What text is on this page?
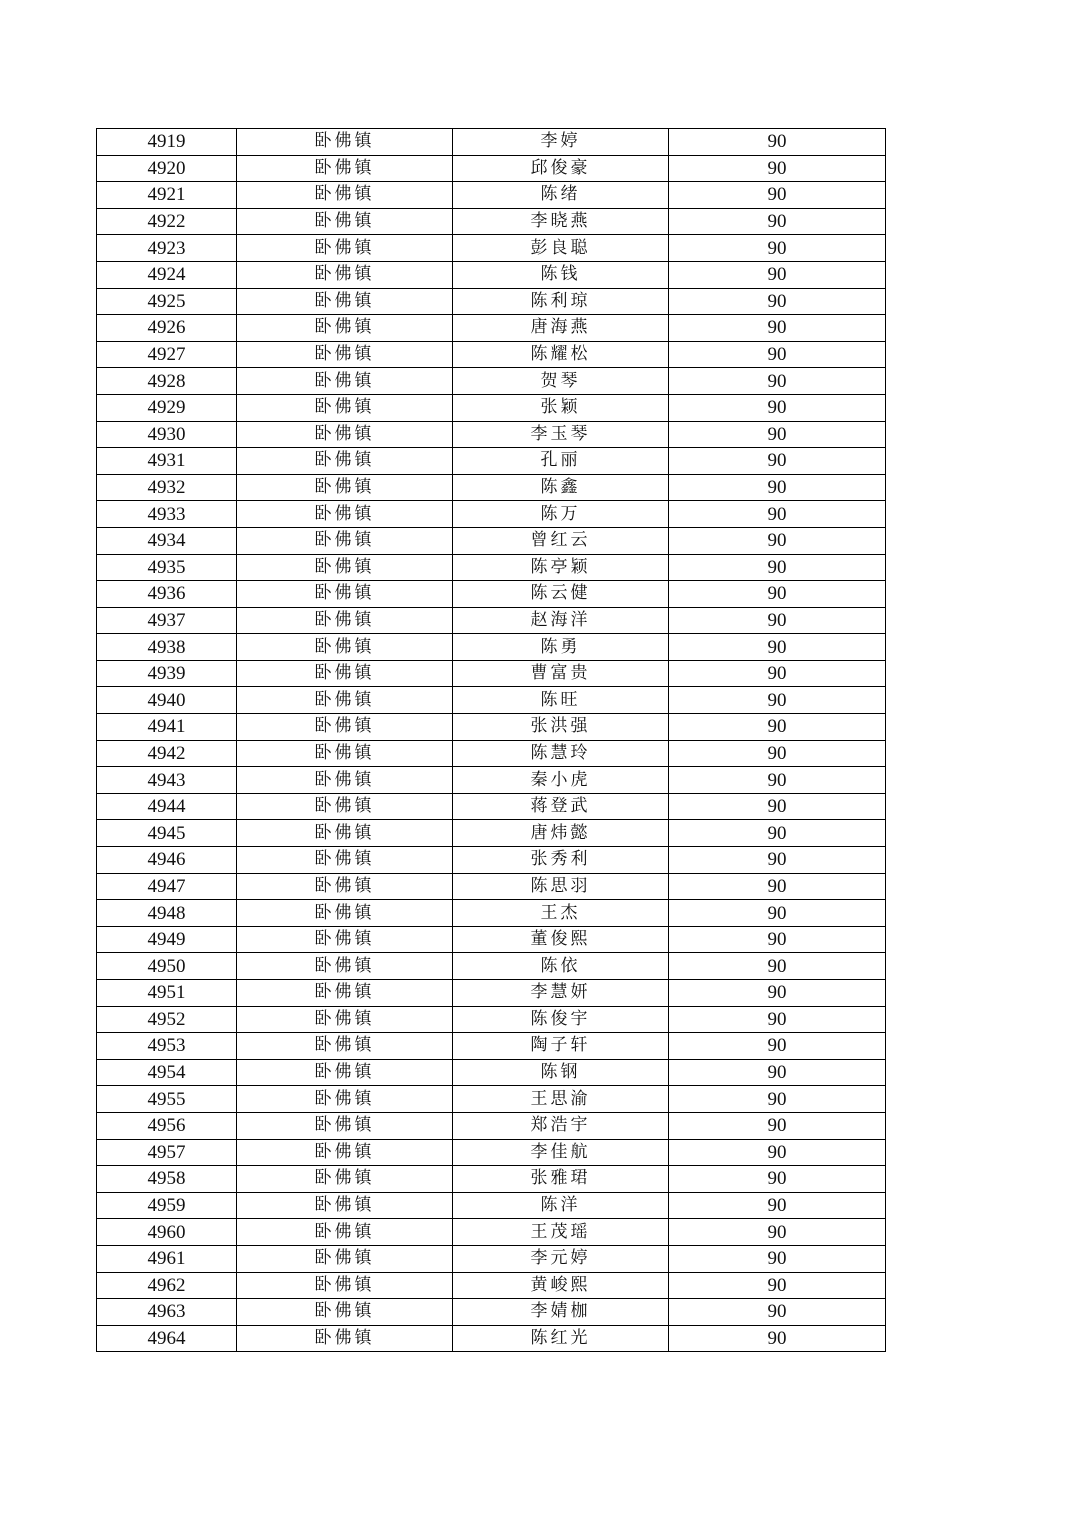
4919	卧佛镇	李婷	90
4920	卧佛镇	邱俊豪	90
4921	卧佛镇	陈绪	90
4922	卧佛镇	李晓燕	90
4923	卧佛镇	彭良聪	90
4924	卧佛镇	陈钱	90
4925	卧佛镇	陈利琼	90
4926	卧佛镇	唐海燕	90
4927	卧佛镇	陈耀松	90
4928	卧佛镇	贺琴	90
4929	卧佛镇	张颖	90
4930	卧佛镇	李玉琴	90
4931	卧佛镇	孔丽	90
4932	卧佛镇	陈鑫	90
4933	卧佛镇	陈万	90
4934	卧佛镇	曾红云	90
4935	卧佛镇	陈亭颖	90
4936	卧佛镇	陈云健	90
4937	卧佛镇	赵海洋	90
4938	卧佛镇	陈勇	90
4939	卧佛镇	曹富贵	90
4940	卧佛镇	陈旺	90
4941	卧佛镇	张洪强	90
4942	卧佛镇	陈慧玲	90
4943	卧佛镇	秦小虎	90
4944	卧佛镇	蒋登武	90
4945	卧佛镇	唐炜懿	90
4946	卧佛镇	张秀利	90
4947	卧佛镇	陈思羽	90
4948	卧佛镇	王杰	90
4949	卧佛镇	董俊熙	90
4950	卧佛镇	陈依	90
4951	卧佛镇	李慧妍	90
4952	卧佛镇	陈俊宇	90
4953	卧佛镇	陶子轩	90
4954	卧佛镇	陈钢	90
4955	卧佛镇	王思渝	90
4956	卧佛镇	郑浩宇	90
4957	卧佛镇	李佳航	90
4958	卧佛镇	张雅珺	90
4959	卧佛镇	陈洋	90
4960	卧佛镇	王茂瑶	90
4961	卧佛镇	李元婷	90
4962	卧佛镇	黄峻熙	90
4963	卧佛镇	李婧枷	90
4964	卧佛镇	陈红光	90
